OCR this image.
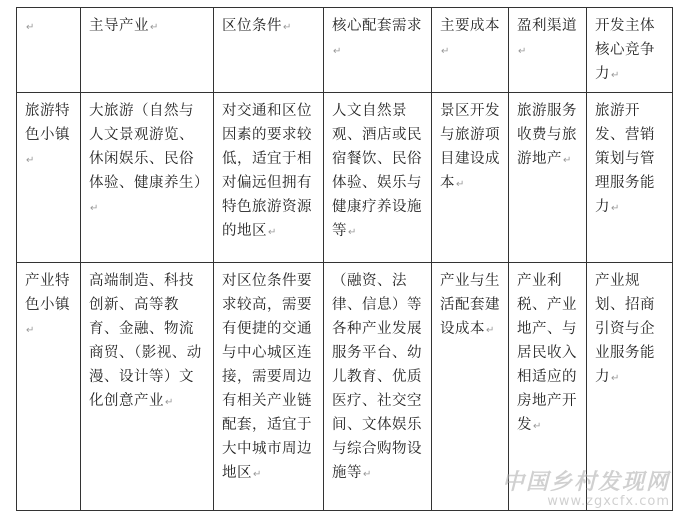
↵	主导产业↵	区位条件↵	核心配套需求↵	主要成本↵	盈利渠道↵	开发主体核心竞争力↵
旅游特色小镇↵	大旅游（自然与人文景观游览、休闲娱乐、民俗体验、健康养生）↵	对交通和区位因素的要求较低，适宜于相对偏远但拥有特色旅游资源的地区↵	人文自然景观、酒店或民宿餐饮、民俗体验、娱乐与健康疗养设施等↵	景区开发与旅游项目建设成本↵	旅游服务收费与旅游地产↵	旅游开发、营销策划与管理服务能力↵
产业特色小镇↵	高端制造、科技创新、高等教育、金融、物流商贸、（影视、动漫、设计等）文化创意产业↵	对区位条件要求较高，需要有便捷的交通与中心城区连接，需要周边有相关产业链配套，适宜于大中城市周边地区↵	（融资、法律、信息）等各种产业发展服务平台、幼儿教育、优质医疗、社交空间、文体娱乐与综合购物设施等↵	产业与生活配套建设成本↵	产业利税、产业地产、与居民收入相适应的房地产开发↵	产业规划、招商引资与企业服务能力↵
中国乡村发现网
www.zgxcfx.com
